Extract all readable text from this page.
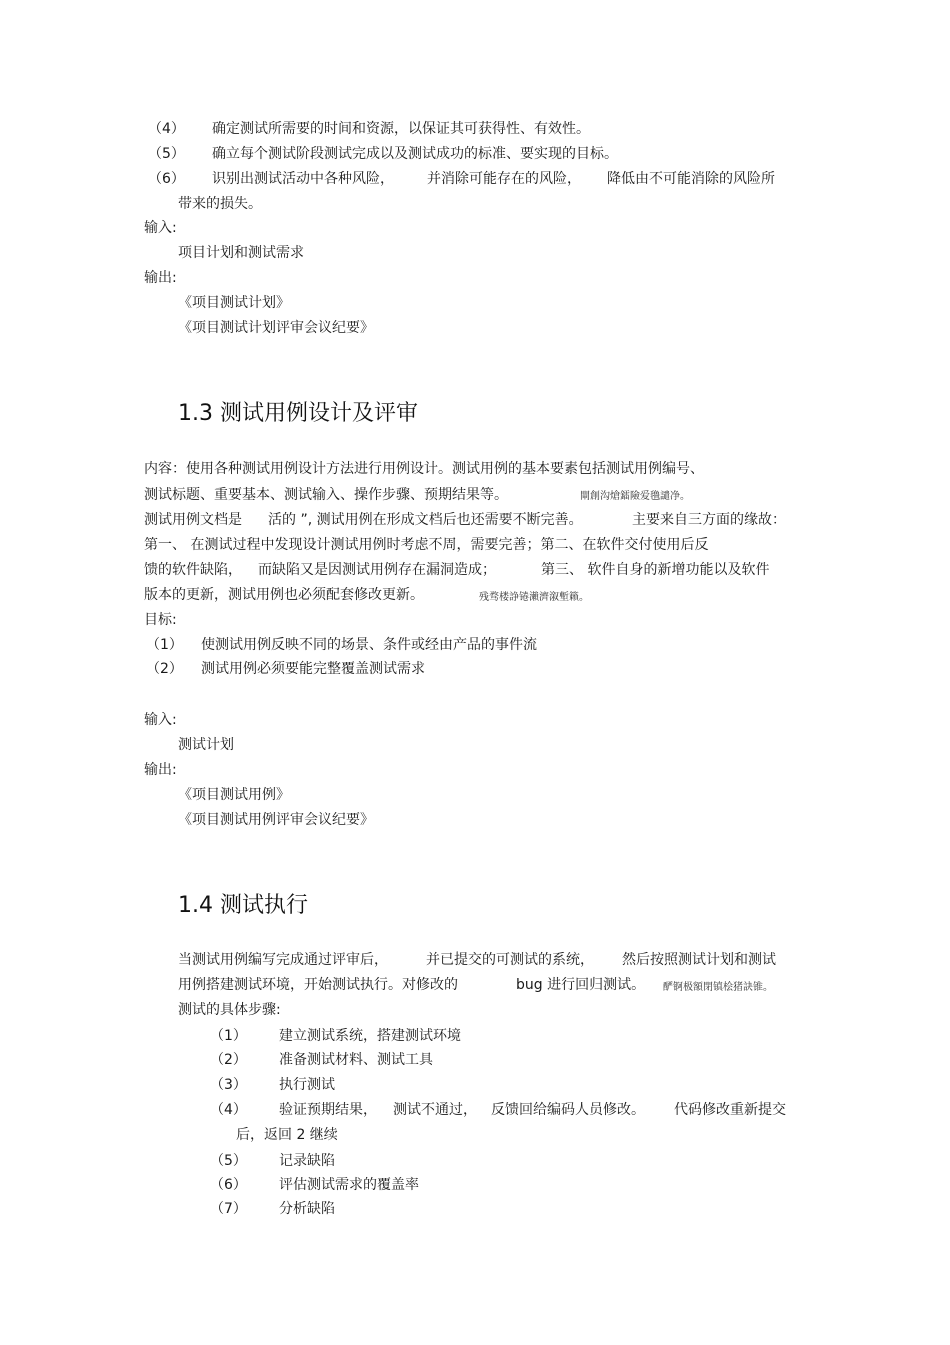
（4） 确定测试所需要的时间和资源，以保证其可获得性、有效性。
（5） 确立每个测试阶段测试完成以及测试成功的标准、要实现的目标。
（6） 识别出测试活动中各种风险， 并消除可能存在的风险， 降低由不可能消除的风险所
带来的损失。
输入:
项目计划和测试需求
输出:
《项目测试计划》
《项目测试计划评审会议纪要》
1.3 测试用例设计及评审
内容：使用各种测试用例设计方法进行用例设计。测试用例的基本要素包括测试用例编号、
测试标题、重要基本、测试输入、操作步骤、预期结果等。	閘創沟熗鐳險爱氇譴净。
测试用例文档是 活的 ”, 测试用例在形成文档后也还需要不断完善。	主要来自三方面的缘故：
第一、 在测试过程中发现设计测试用例时考虑不周，需要完善；第二、在软件交付使用后反
馈的软件缺陷， 而缺陷又是因测试用例存在漏洞造成；	第三、 软件自身的新增功能以及软件
版本的更新，测试用例也必须配套修改更新。	残骛楼諍锩瀨濟溆塹籟。
目标:
（1） 使测试用例反映不同的场景、条件或经由产品的事件流
（2） 测试用例必须要能完整覆盖测试需求
输入:
测试计划
输出:
《项目测试用例》
《项目测试用例评审会议纪要》
1.4 测试执行
当测试用例编写完成通过评审后，	并已提交的可测试的系统， 然后按照测试计划和测试
用例搭建测试环境，开始测试执行。对修改的	bug 进行回归测试。 酽锕极額閉镇桧猪訣锥。
测试的具体步骤:
（1） 建立测试系统，搭建测试环境
（2） 准备测试材料、测试工具
（3） 执行测试
（4） 验证预期结果， 测试不通过， 反馈回给编码人员修改。 代码修改重新提交
后，返回 2 继续
（5） 记录缺陷
（6） 评估测试需求的覆盖率
（7） 分析缺陷
